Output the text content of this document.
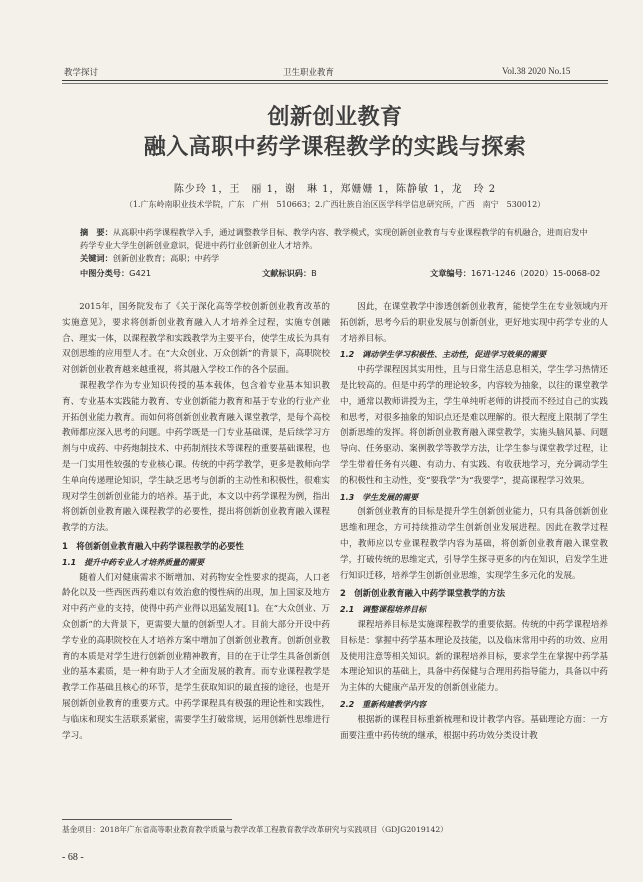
教学探讨	卫生职业教育	Vol.38 2020 No.15
创新创业教育
融入高职中药学课程教学的实践与探索
陈少玲 1，王　丽 1，谢　琳 1，郑姗姗 1，陈静敏 1，龙　玲 2
（1.广东岭南职业技术学院，广东　广州　510663；2.广西壮族自治区医学科学信息研究所，广西　南宁　530012）
摘　要：从高职中药学课程教学入手，通过调整教学目标、教学内容、教学模式，实现创新创业教育与专业课程教学的有机融合，进而启发中药学专业大学生创新创业意识，促进中药行业创新创业人才培养。
关键词：创新创业教育；高职；中药学
中图分类号：G421	文献标识码：B	文章编号：1671-1246（2020）15-0068-02

2015年，国务院发布了《关于深化高等学校创新创业教育改革的实施意见》，要求将创新创业教育融入人才培养全过程，实施专创融合、理实一体，以课程教学和实践教学为主要平台，使学生成长为具有双创思维的应用型人才。在“大众创业、万众创新”的背景下，高职院校对创新创业教育越来越重视，将其融入学校工作的各个层面。

课程教学作为专业知识传授的基本载体，包含着专业基本知识教育、专业基本实践能力教育、专业创新能力教育和基于专业的行业产业开拓创业能力教育。而如何将创新创业教育融入课堂教学，是每个高校教师都应深入思考的问题。中药学既是一门专业基础课，是后续学习方剂与中成药、中药炮制技术、中药制剂技术等课程的重要基础课程，也是一门实用性较强的专业核心课。传统的中药学教学，更多是教师向学生单向传递理论知识，学生缺乏思考与创新的主动性和积极性，很难实现对学生创新创业能力的培养。基于此，本文以中药学课程为例，指出将创新创业教育融入课程教学的必要性，提出将创新创业教育融入课程教学的方法。

1　将创新创业教育融入中药学课程教学的必要性
1.1　提升中药专业人才培养质量的需要

随着人们对健康需求不断增加、对药物安全性要求的提高，人口老龄化以及一些西医西药难以有效治愈的慢性病的出现，加上国家及地方对中药产业的支持，使得中药产业得以迅猛发展[1]。在“大众创业、万众创新”的大背景下，更需要大量的创新型人才。目前大部分开设中药学专业的高职院校在人才培养方案中增加了创新创业教育。创新创业教育的本质是对学生进行创新创业精神教育，目的在于让学生具备创新创业的基本素质，是一种有助于人才全面发展的教育。而专业课程教学是教学工作基础且核心的环节，是学生获取知识的最直接的途径，也是开展创新创业教育的重要方式。中药学课程具有极强的理论性和实践性，与临床和现实生活联系紧密，需要学生打破常规，运用创新性思维进行学习。

因此，在课堂教学中渗透创新创业教育，能使学生在专业领域内开拓创新，思考今后的职业发展与创新创业，更好地实现中药学专业的人才培养目标。

1.2　调动学生学习积极性、主动性，促进学习效果的需要

中药学课程因其实用性，且与日常生活息息相关，学生学习热情还是比较高的。但是中药学的理论较多，内容较为抽象，以往的课堂教学中，通常以教师讲授为主，学生单纯听老师的讲授而不经过自己的实践和思考，对很多抽象的知识点还是难以理解的。很大程度上限制了学生创新思维的发挥。将创新创业教育融入课堂教学，实施头脑风暴、问题导向、任务驱动、案例教学等教学方法，让学生参与课堂教学过程，让学生带着任务有兴趣、有动力、有实践、有收获地学习，充分调动学生的积极性和主动性，变“要我学”为“我要学”，提高课程学习效果。

1.3　学生发展的需要

创新创业教育的目标是提升学生创新创业能力，只有具备创新创业思维和理念，方可持续推动学生创新创业发展进程。因此在教学过程中，教师应以专业课程教学内容为基础，将创新创业教育融入课堂教学，打破传统的思维定式，引导学生探寻更多的内在知识，启发学生进行知识迁移，培养学生创新创业思维，实现学生多元化的发展。

2　创新创业教育融入中药学课堂教学的方法
2.1　调整课程培养目标

课程培养目标是实施课程教学的重要依据。传统的中药学课程培养目标是：掌握中药学基本理论及技能，以及临床常用中药的功效、应用及使用注意等相关知识。新的课程培养目标，要求学生在掌握中药学基本理论知识的基础上，具备中药保健与合理用药指导能力，具备以中药为主体的大健康产品开发的创新创业能力。

2.2　重新构建教学内容

根据新的课程目标重新梳理和设计教学内容。基础理论方面：一方面要注重中药传统的继承，根据中药功效分类设计教

基金项目：2018年广东省高等职业教育教学质量与教学改革工程教育教学改革研究与实践项目（GDJG2019142）
- 68 -
